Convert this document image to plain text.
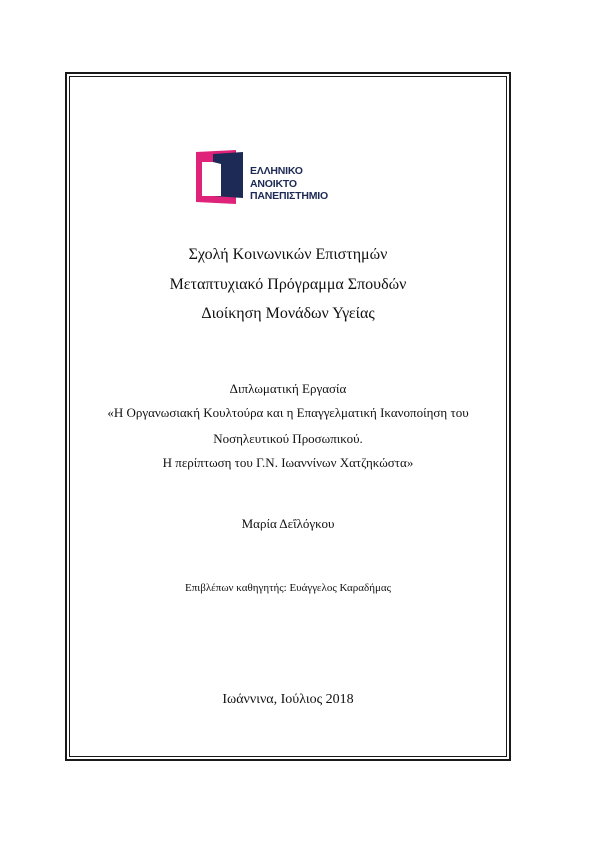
ΕΛΛΗΝΙΚΟ
ΑΝΟΙΚΤΟ
ΠΑΝΕΠΙΣΤΗΜΙΟ
Σχολή Κοινωνικών Επιστημών
Μεταπτυχιακό Πρόγραμμα Σπουδών
Διοίκηση Μονάδων Υγείας
Διπλωματική Εργασία
«Η Οργανωσιακή Κουλτούρα και η Επαγγελματική Ικανοποίηση του
Νοσηλευτικού Προσωπικού.
Η περίπτωση του Γ.Ν. Ιωαννίνων Χατζηκώστα»
Μαρία Δεΐλόγκου
Επιβλέπων καθηγητής: Ευάγγελος Καραδήμας
Ιωάννινα, Ιούλιος 2018
